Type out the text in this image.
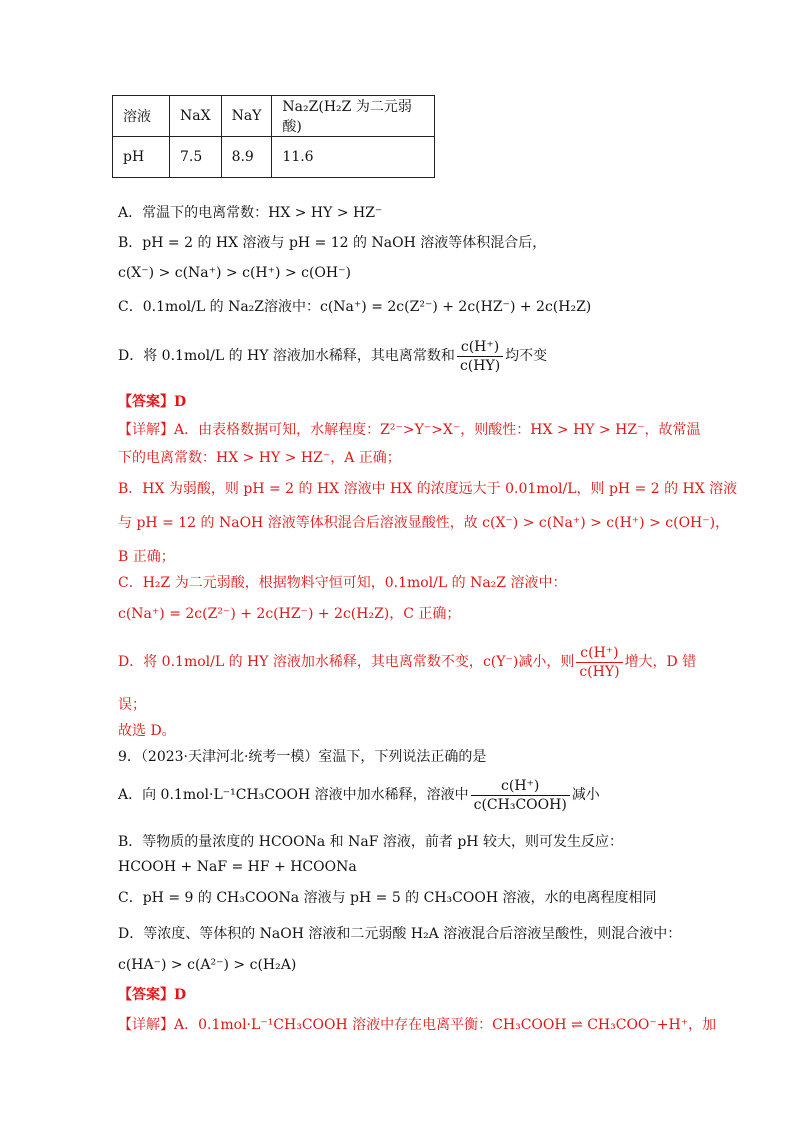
溶液	NaX	NaY	Na₂Z(H₂Z 为二元弱酸)
pH	7.5	8.9	11.6
A．常温下的电离常数：HX > HY > HZ⁻
B．pH = 2 的 HX 溶液与 pH = 12 的 NaOH 溶液等体积混合后，
c(X⁻) > c(Na⁺) > c(H⁺) > c(OH⁻)
C．0.1mol/L 的 Na₂Z溶液中：c(Na⁺) = 2c(Z²⁻) + 2c(HZ⁻) + 2c(H₂Z)
D．将 0.1mol/L 的 HY 溶液加水稀释，其电离常数和 $\frac{c(H^+)}{c(HY)}$ 均不变
【答案】D
【详解】A．由表格数据可知，水解程度：Z²⁻>Y⁻>X⁻，则酸性：HX > HY > HZ⁻，故常温
下的电离常数：HX > HY > HZ⁻，A 正确；
B．HX 为弱酸，则 pH = 2 的 HX 溶液中 HX 的浓度远大于 0.01mol/L，则 pH = 2 的 HX 溶液
与 pH = 12 的 NaOH 溶液等体积混合后溶液显酸性，故 c(X⁻) > c(Na⁺) > c(H⁺) > c(OH⁻)，
B 正确；
C．H₂Z 为二元弱酸，根据物料守恒可知，0.1mol/L 的 Na₂Z 溶液中：
c(Na⁺) = 2c(Z²⁻) + 2c(HZ⁻) + 2c(H₂Z)，C 正确；
D．将 0.1mol/L 的 HY 溶液加水稀释，其电离常数不变，c(Y⁻)减小，则 $\frac{c(H^+)}{c(HY)}$ 增大，D 错
误；
故选 D。
9．（2023·天津河北·统考一模）室温下，下列说法正确的是
A．向 0.1mol·L⁻¹CH₃COOH 溶液中加水稀释，溶液中 $\frac{c(H^+)}{\text{c(CH₃COOH)}}$ 减小
B．等物质的量浓度的 HCOONa 和 NaF 溶液，前者 pH 较大，则可发生反应：
HCOOH + NaF = HF + HCOONa
C．pH = 9 的 CH₃COONa 溶液与 pH = 5 的 CH₃COOH 溶液，水的电离程度相同
D．等浓度、等体积的 NaOH 溶液和二元弱酸 H₂A 溶液混合后溶液呈酸性，则混合液中：
c(HA⁻) > c(A²⁻) > c(H₂A)
【答案】D
【详解】A．0.1mol·L⁻¹CH₃COOH 溶液中存在电离平衡：CH₃COOH ⇌ CH₃COO⁻+H⁺，加
